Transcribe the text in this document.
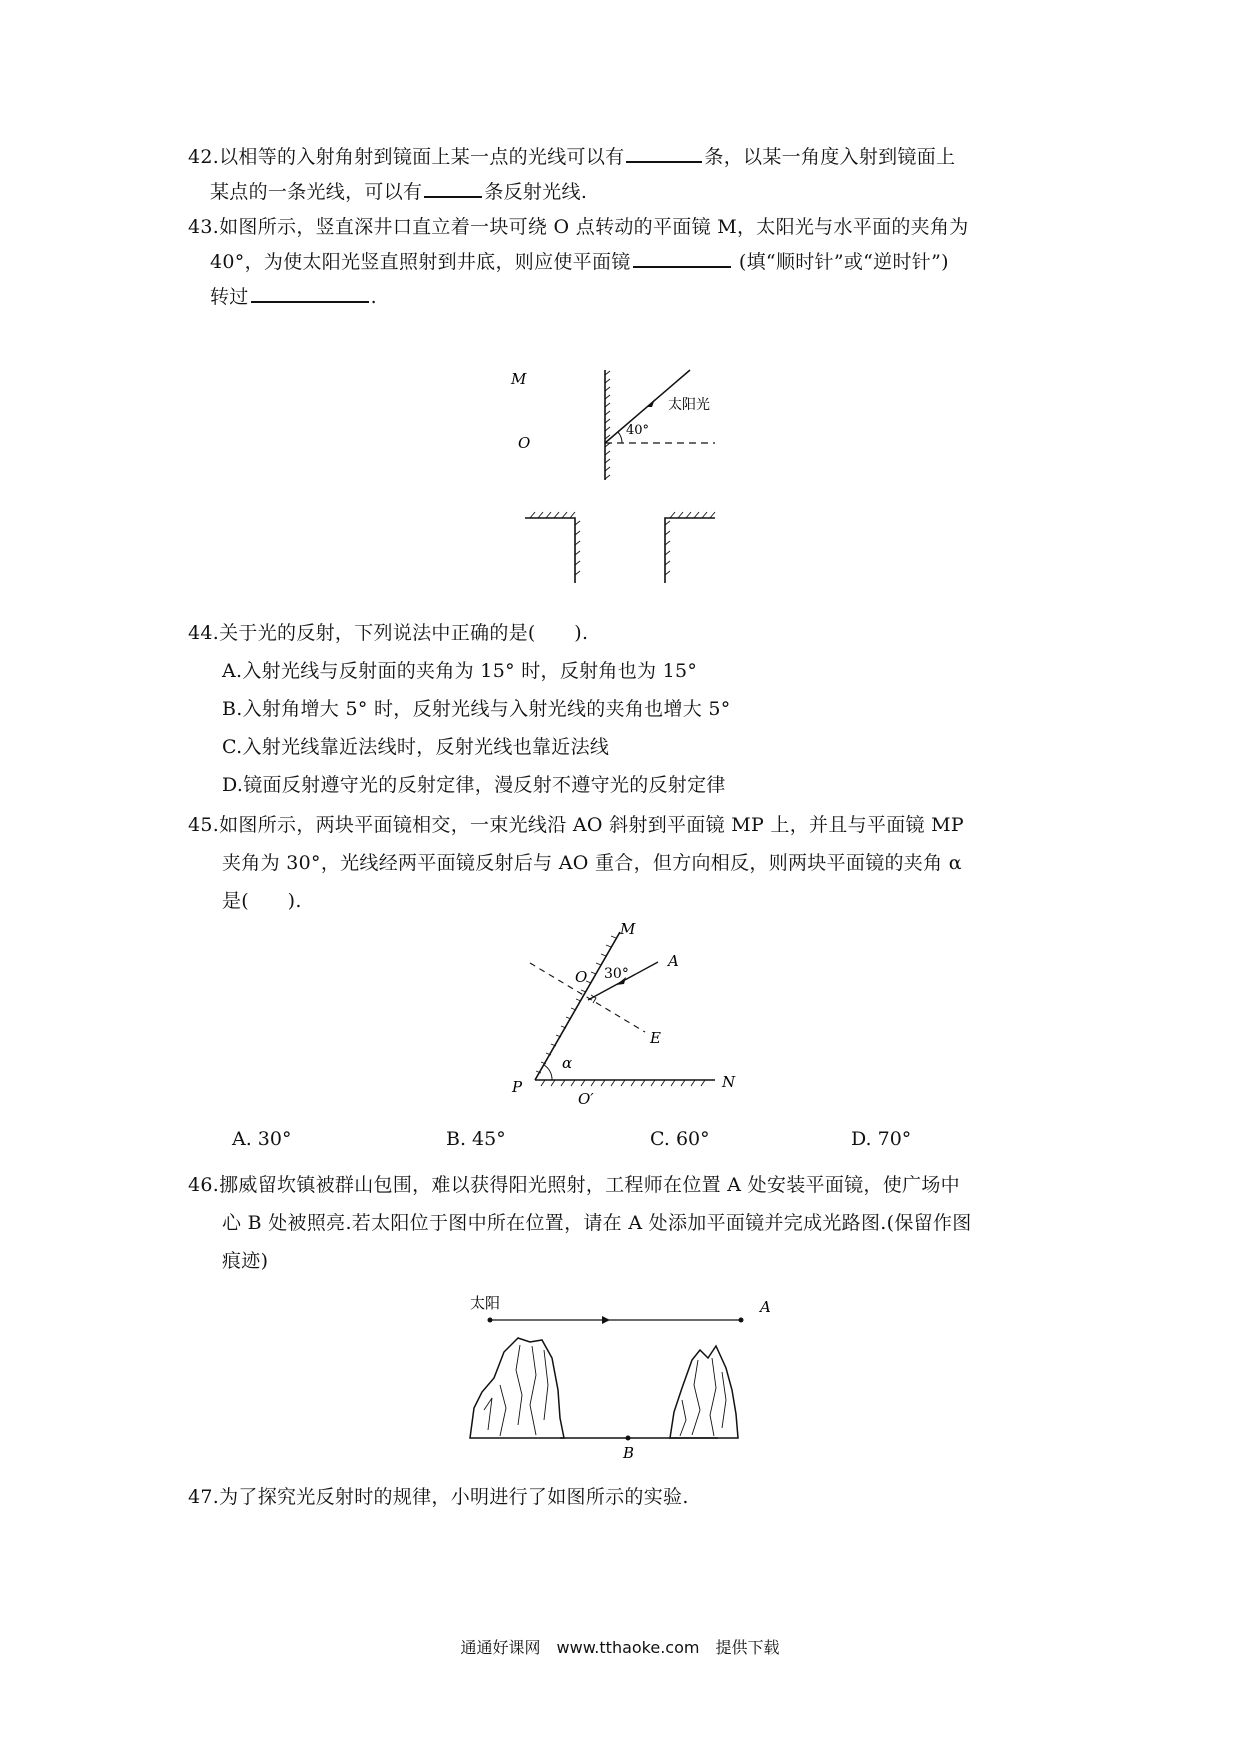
42.以相等的入射角射到镜面上某一点的光线可以有	条，以某一角度入射到镜面上
某点的一条光线，可以有	条反射光线.
43.如图所示，竖直深井口直立着一块可绕 O 点转动的平面镜 M，太阳光与水平面的夹角为
40°，为使太阳光竖直照射到井底，则应使平面镜	(填“顺时针”或“逆时针”)
转过	.
M
O
太阳光
40°
44.关于光的反射，下列说法中正确的是(　　).
A.入射光线与反射面的夹角为 15° 时，反射角也为 15°
B.入射角增大 5° 时，反射光线与入射光线的夹角也增大 5°
C.入射光线靠近法线时，反射光线也靠近法线
D.镜面反射遵守光的反射定律，漫反射不遵守光的反射定律
45.如图所示，两块平面镜相交，一束光线沿 AO 斜射到平面镜 MP 上，并且与平面镜 MP
夹角为 30°，光线经两平面镜反射后与 AO 重合，但方向相反，则两块平面镜的夹角 α
是(　　).
M
A
O 30°
E
α
P	N
O′
A. 30°	B. 45°	C. 60°	D. 70°
46.挪威留坎镇被群山包围，难以获得阳光照射，工程师在位置 A 处安装平面镜，使广场中
心 B 处被照亮.若太阳位于图中所在位置，请在 A 处添加平面镜并完成光路图.(保留作图
痕迹)
太阳	A
B
47.为了探究光反射时的规律，小明进行了如图所示的实验.
通通好课网　www.tthaoke.com　提供下载
